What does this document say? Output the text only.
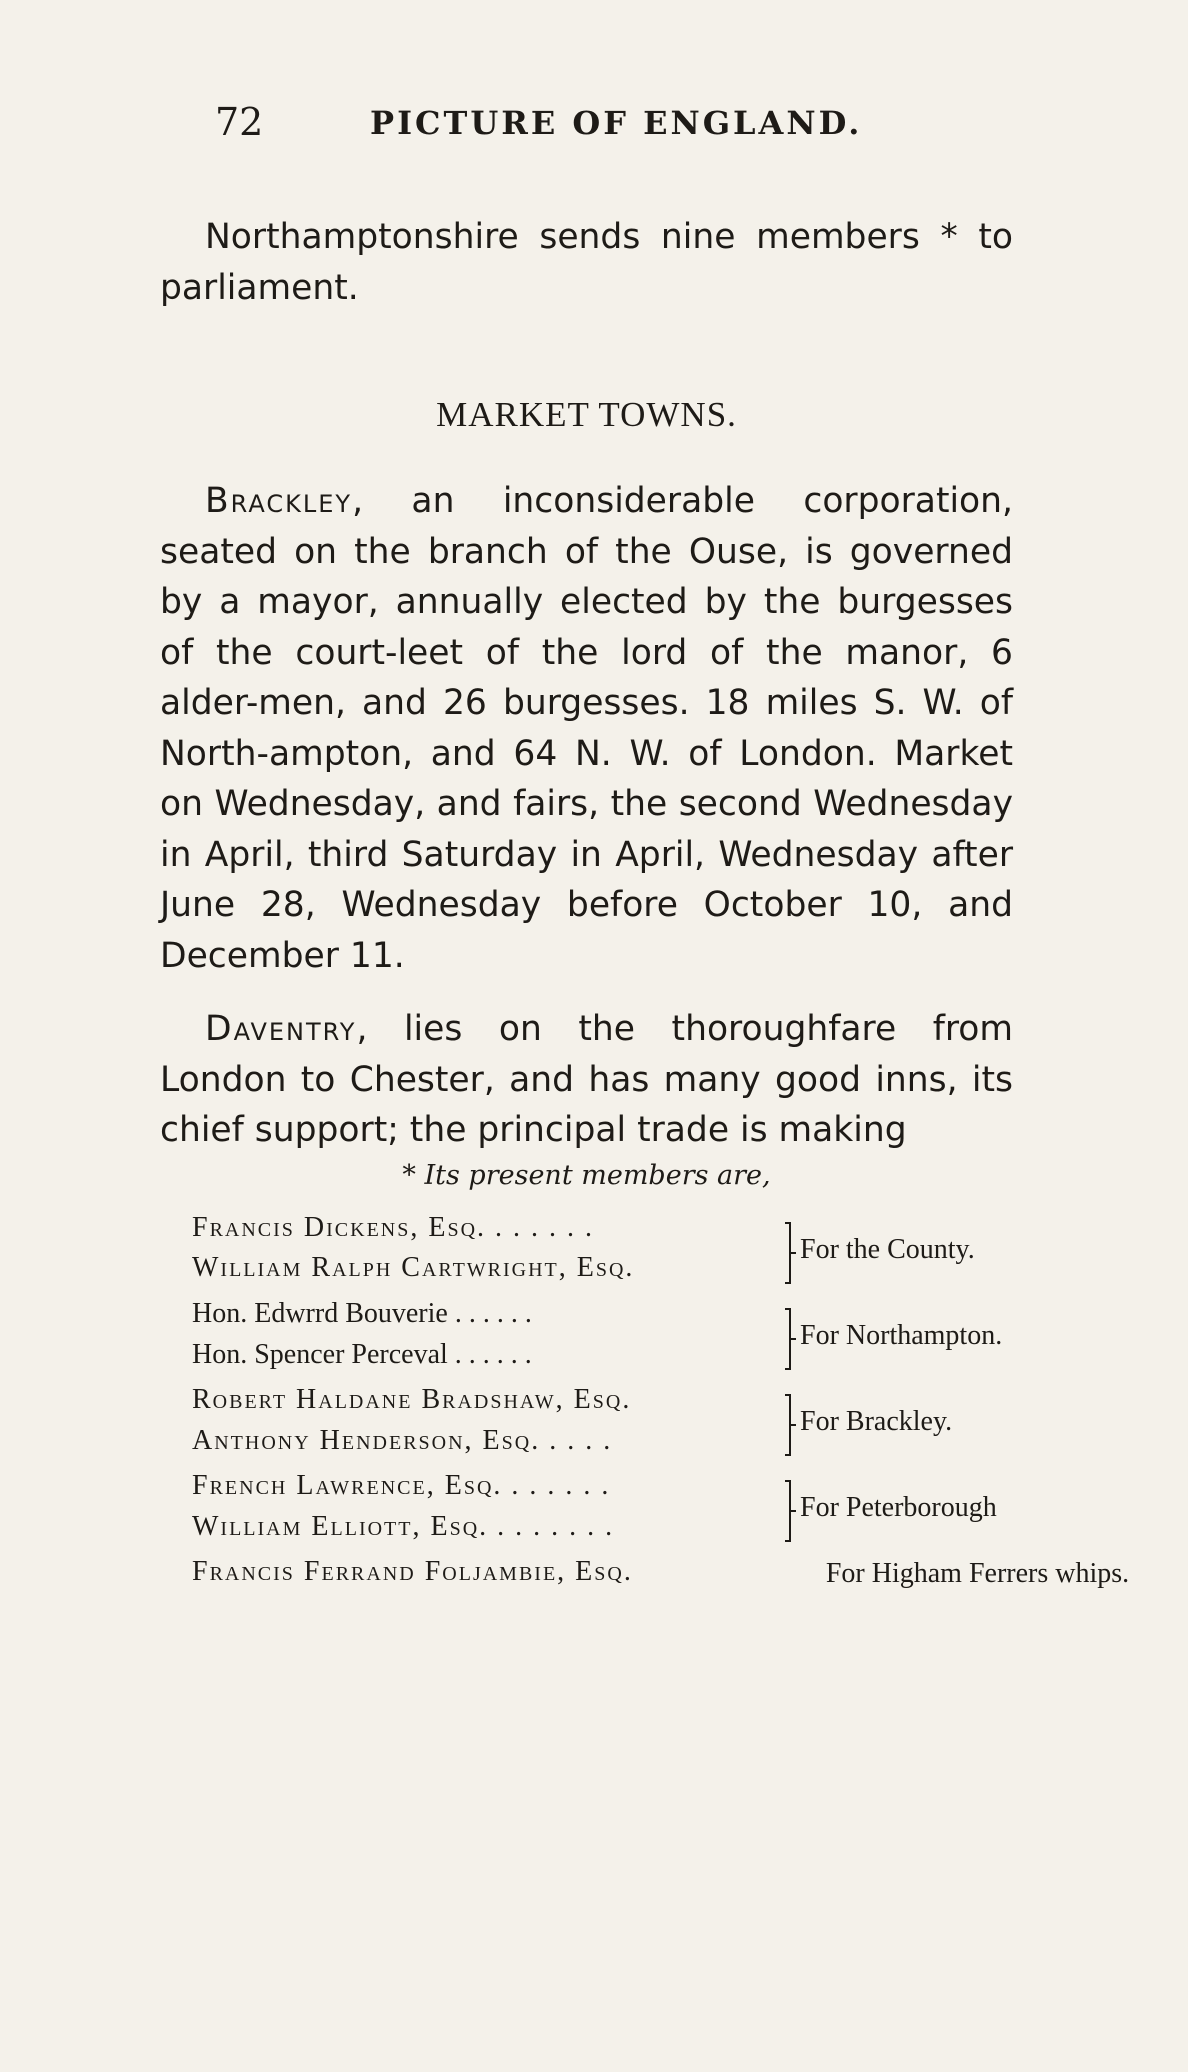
72	PICTURE OF ENGLAND.

Northamptonshire sends nine members * to parliament.

MARKET TOWNS.

Brackley, an inconsiderable corporation, seated on the branch of the Ouse, is governed by a mayor, annually elected by the burgesses of the court-leet of the lord of the manor, 6 alder-men, and 26 burgesses. 18 miles S. W. of North-ampton, and 64 N. W. of London. Market on Wednesday, and fairs, the second Wednesday in April, third Saturday in April, Wednesday after June 28, Wednesday before October 10, and December 11.

Daventry, lies on the thoroughfare from London to Chester, and has many good inns, its chief support; the principal trade is making

* Its present members are,
Francis Dickens, Esq. . . . . . .
William Ralph Cartwright, Esq.
Hon. Edwrrd Bouverie . . . . . .
Hon. Spencer Perceval . . . . . .
Robert Haldane Bradshaw, Esq.
Anthony Henderson, Esq. . . . .
French Lawrence, Esq. . . . . . .
William Elliott, Esq. . . . . . . .
Francis Ferrand Foljambie, Esq.
For the County.
For Northampton.
For Brackley.
For Peterborough
For Higham Ferrers whips.
